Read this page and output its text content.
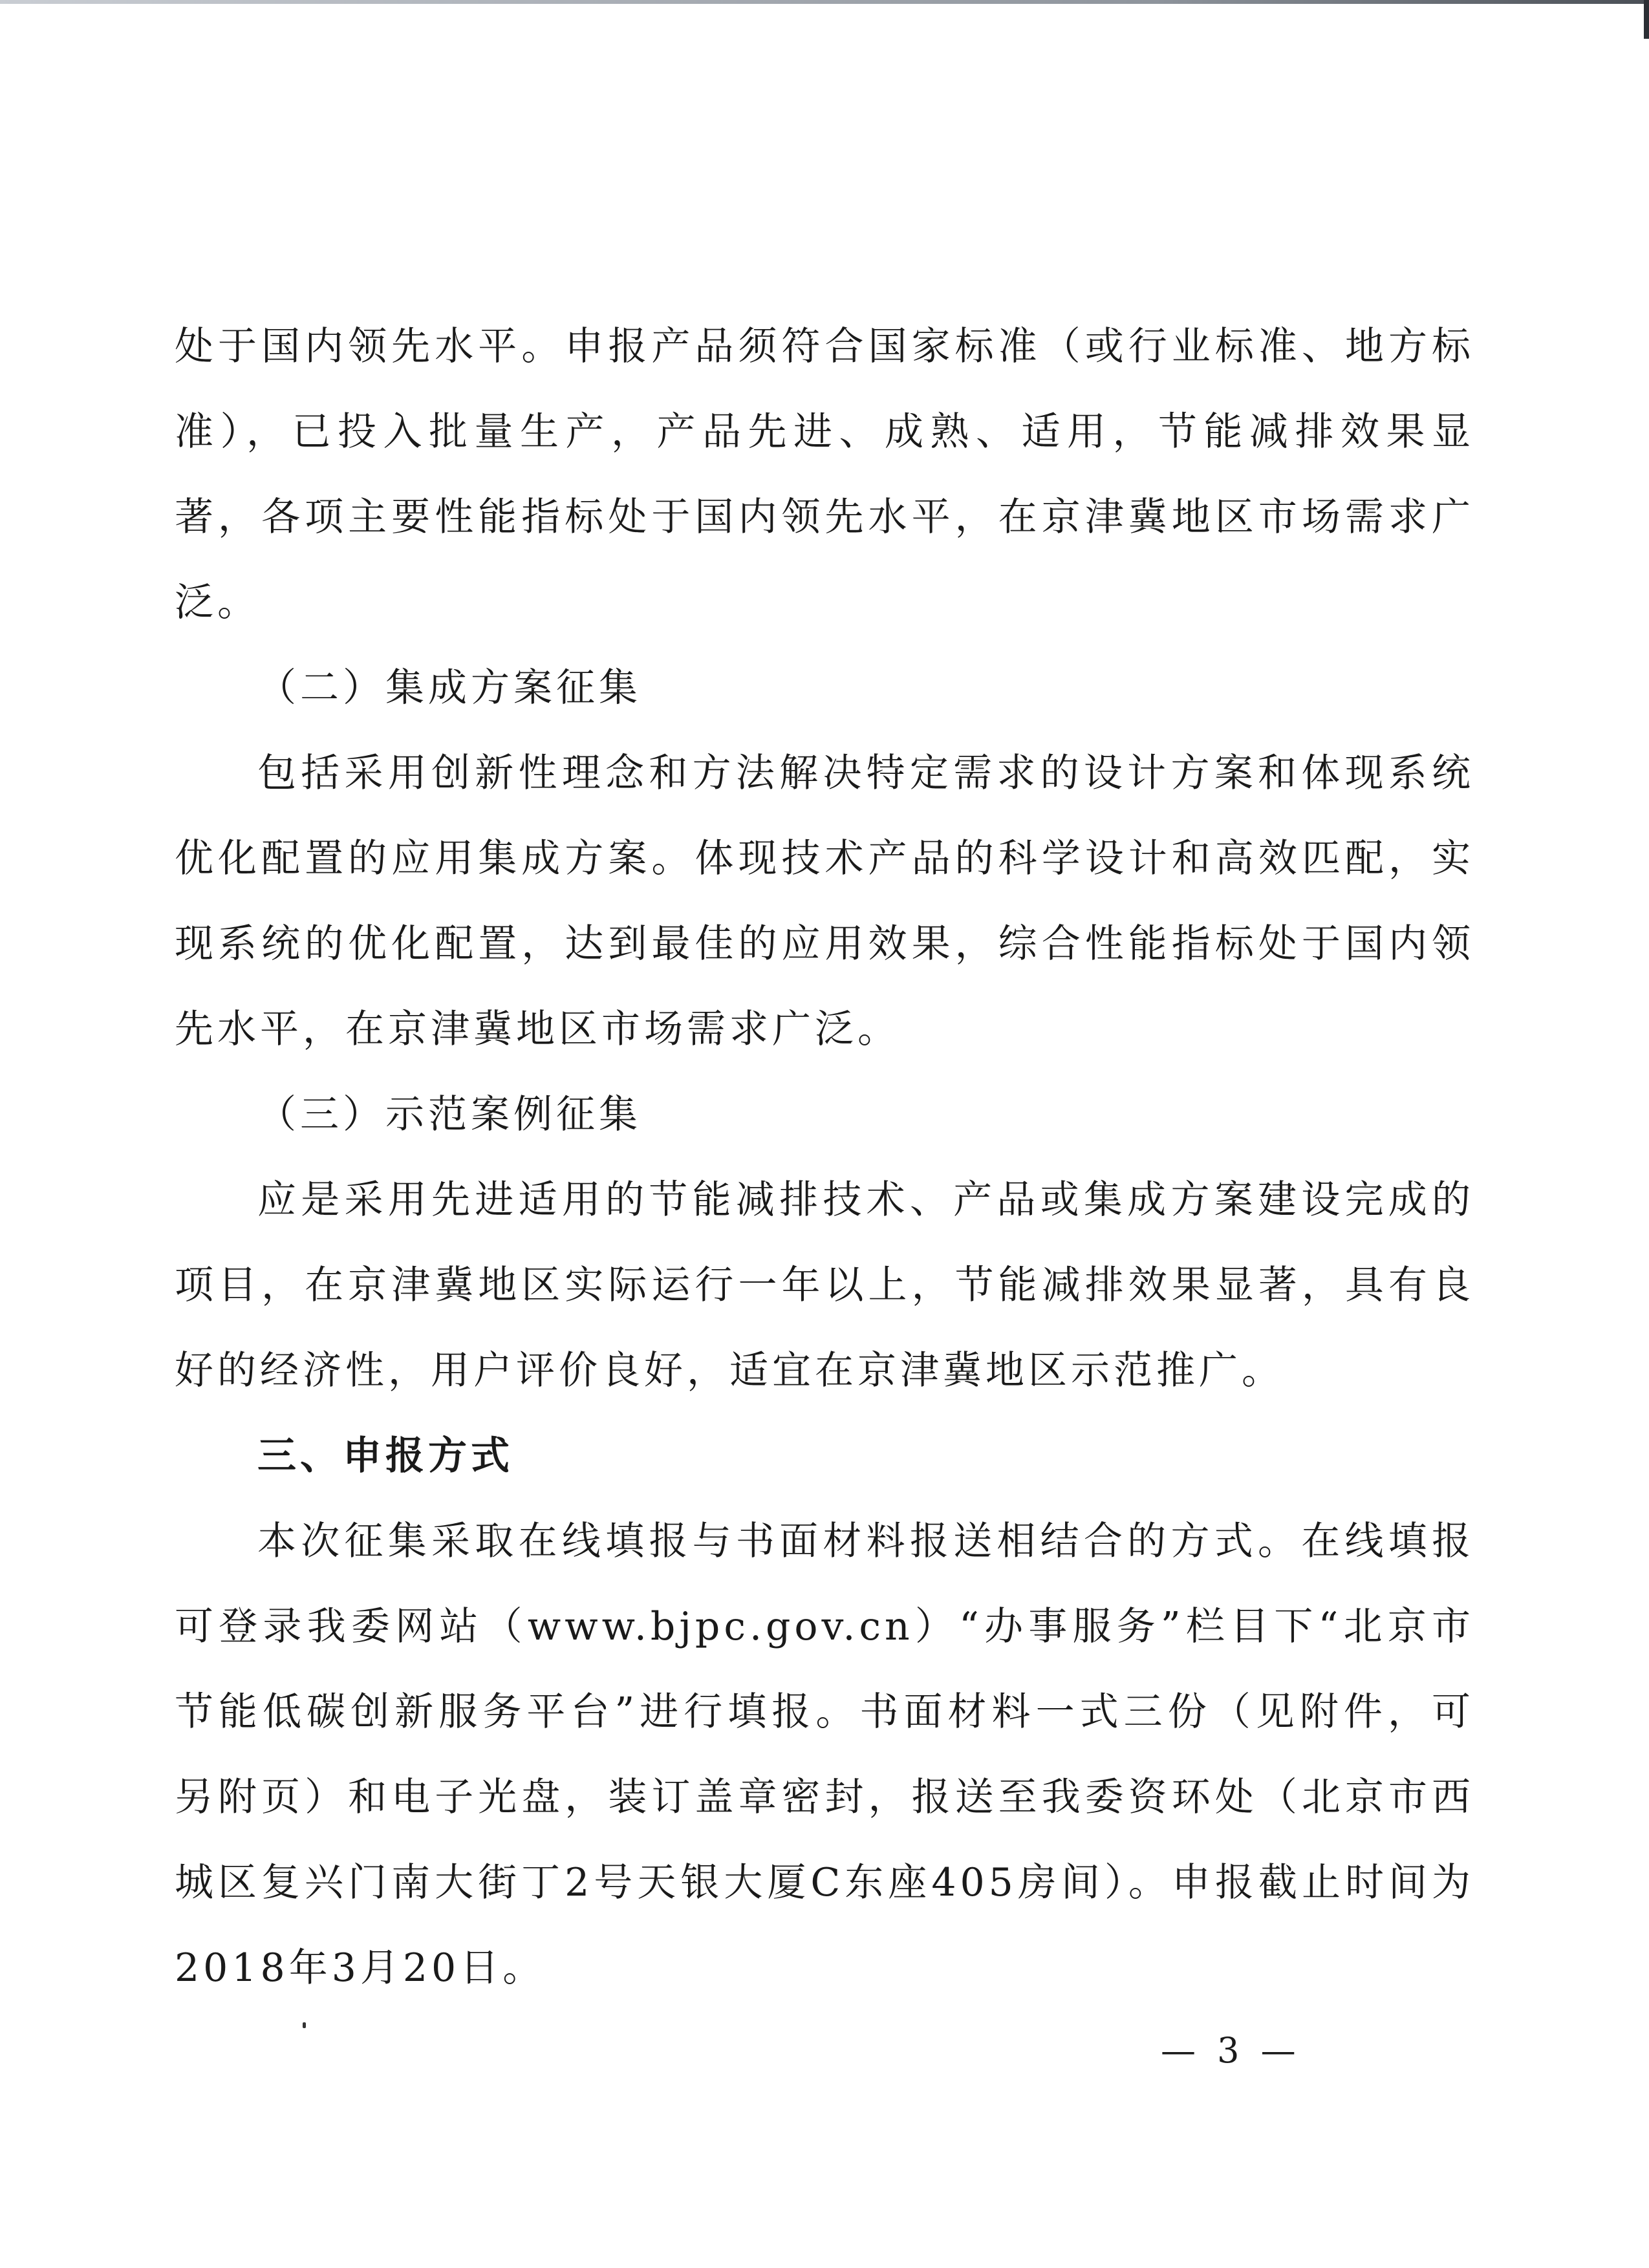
处于国内领先水平。申报产品须符合国家标准（或行业标准、地方标准），已投入批量生产，产品先进、成熟、适用，节能减排效果显著，各项主要性能指标处于国内领先水平，在京津冀地区市场需求广泛。

（二）集成方案征集

包括采用创新性理念和方法解决特定需求的设计方案和体现系统优化配置的应用集成方案。体现技术产品的科学设计和高效匹配，实现系统的优化配置，达到最佳的应用效果，综合性能指标处于国内领先水平，在京津冀地区市场需求广泛。

（三）示范案例征集

应是采用先进适用的节能减排技术、产品或集成方案建设完成的项目，在京津冀地区实际运行一年以上，节能减排效果显著，具有良好的经济性，用户评价良好，适宜在京津冀地区示范推广。

三、申报方式

本次征集采取在线填报与书面材料报送相结合的方式。在线填报可登录我委网站（www.bjpc.gov.cn）“办事服务”栏目下“北京市节能低碳创新服务平台”进行填报。书面材料一式三份（见附件，可另附页）和电子光盘，装订盖章密封，报送至我委资环处（北京市西城区复兴门南大街丁2号天银大厦C东座405房间）。申报截止时间为2018年3月20日。

— 3 —
